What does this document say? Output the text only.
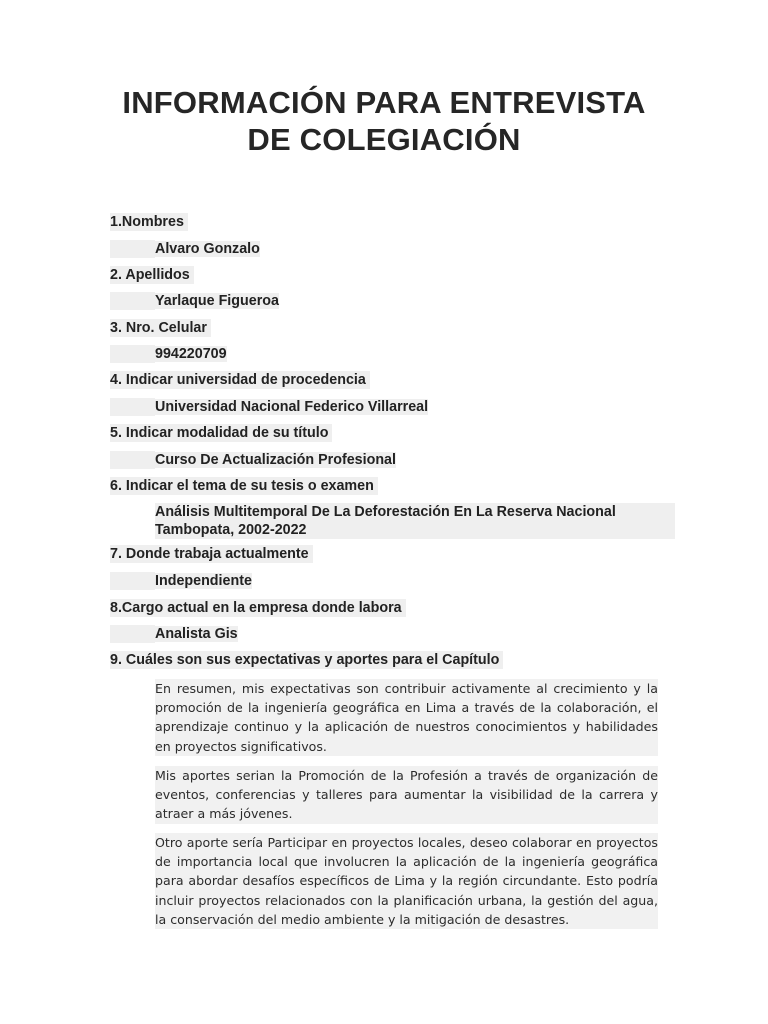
INFORMACIÓN PARA ENTREVISTA
DE COLEGIACIÓN
1.Nombres
Alvaro Gonzalo
2. Apellidos
Yarlaque Figueroa
3. Nro. Celular
994220709
4. Indicar universidad de procedencia
Universidad Nacional Federico Villarreal
5. Indicar modalidad de su título
Curso De Actualización Profesional
6. Indicar el tema de su tesis o examen
Análisis Multitemporal De La Deforestación En La Reserva Nacional Tambopata, 2002-2022
7. Donde trabaja actualmente
Independiente
8.Cargo actual en la empresa donde labora
Analista Gis
9. Cuáles son sus expectativas y aportes para el Capítulo
En resumen, mis expectativas son contribuir activamente al crecimiento y la promoción de la ingeniería geográfica en Lima a través de la colaboración, el aprendizaje continuo y la aplicación de nuestros conocimientos y habilidades en proyectos significativos.
Mis aportes serian la Promoción de la Profesión a través de organización de eventos, conferencias y talleres para aumentar la visibilidad de la carrera y atraer a más jóvenes.
Otro aporte sería Participar en proyectos locales, deseo colaborar en proyectos de importancia local que involucren la aplicación de la ingeniería geográfica para abordar desafíos específicos de Lima y la región circundante. Esto podría incluir proyectos relacionados con la planificación urbana, la gestión del agua, la conservación del medio ambiente y la mitigación de desastres.
